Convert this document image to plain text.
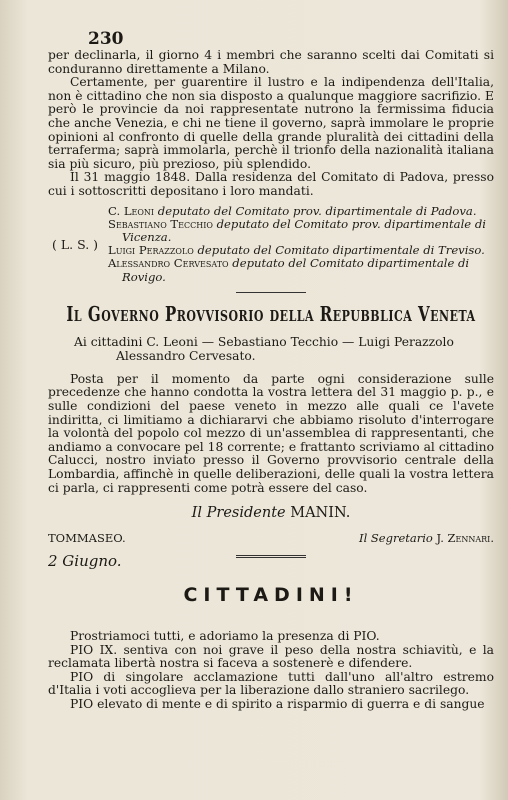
230

per declinarla, il giorno 4 i membri che saranno scelti dai Comitati si conduranno direttamente a Milano.

Certamente, per guarentire il lustro e la indipendenza dell'Italia, non è cittadino che non sia disposto a qualunque maggiore sacrifizio. E però le provincie da noi rappresentate nutrono la fermissima fiducia che anche Venezia, e chi ne tiene il governo, saprà immolare le proprie opinioni al confronto di quelle della grande pluralità dei cittadini della terraferma; saprà immolarla, perchè il trionfo della nazionalità italiana sia più sicuro, più prezioso, più splendido.

Il 31 maggio 1848. Dalla residenza del Comitato di Padova, presso cui i sottoscritti depositano i loro mandati.

( L. S. )
C. Leoni deputato del Comitato prov. dipartimentale di Padova.
Sebastiano Tecchio deputato del Comitato prov. dipartimentale di Vicenza.
Luigi Perazzolo deputato del Comitato dipartimentale di Treviso.
Alessandro Cervesato deputato del Comitato dipartimentale di Rovigo.
Il Governo Provvisorio della Repubblica Veneta
Ai cittadini C. Leoni — Sebastiano Tecchio — Luigi Perazzolo
Alessandro Cervesato.

Posta per il momento da parte ogni considerazione sulle precedenze che hanno condotta la vostra lettera del 31 maggio p. p., e sulle condizioni del paese veneto in mezzo alle quali ce l'avete indiritta, ci limitiamo a dichiararvi che abbiamo risoluto d'interrogare la volontà del popolo col mezzo di un'assemblea di rappresentanti, che andiamo a convocare pel 18 corrente; e frattanto scriviamo al cittadino Calucci, nostro inviato presso il Governo provvisorio centrale della Lombardia, affinchè in quelle deliberazioni, delle quali la vostra lettera ci parla, ci rappresenti come potrà essere del caso.

Il Presidente MANIN.
TOMMASEO.	Il Segretario J. Zennari.
2 Giugno.
CITTADINI!

Prostriamoci tutti, e adoriamo la presenza di PIO.

PIO IX. sentiva con noi grave il peso della nostra schiavitù, e la reclamata libertà nostra si faceva a sostenerè e difendere.

PIO di singolare acclamazione tutti dall'uno all'altro estremo d'Italia i voti accoglieva per la liberazione dallo straniero sacrilego.

PIO elevato di mente e di spirito a risparmio di guerra e di sangue
